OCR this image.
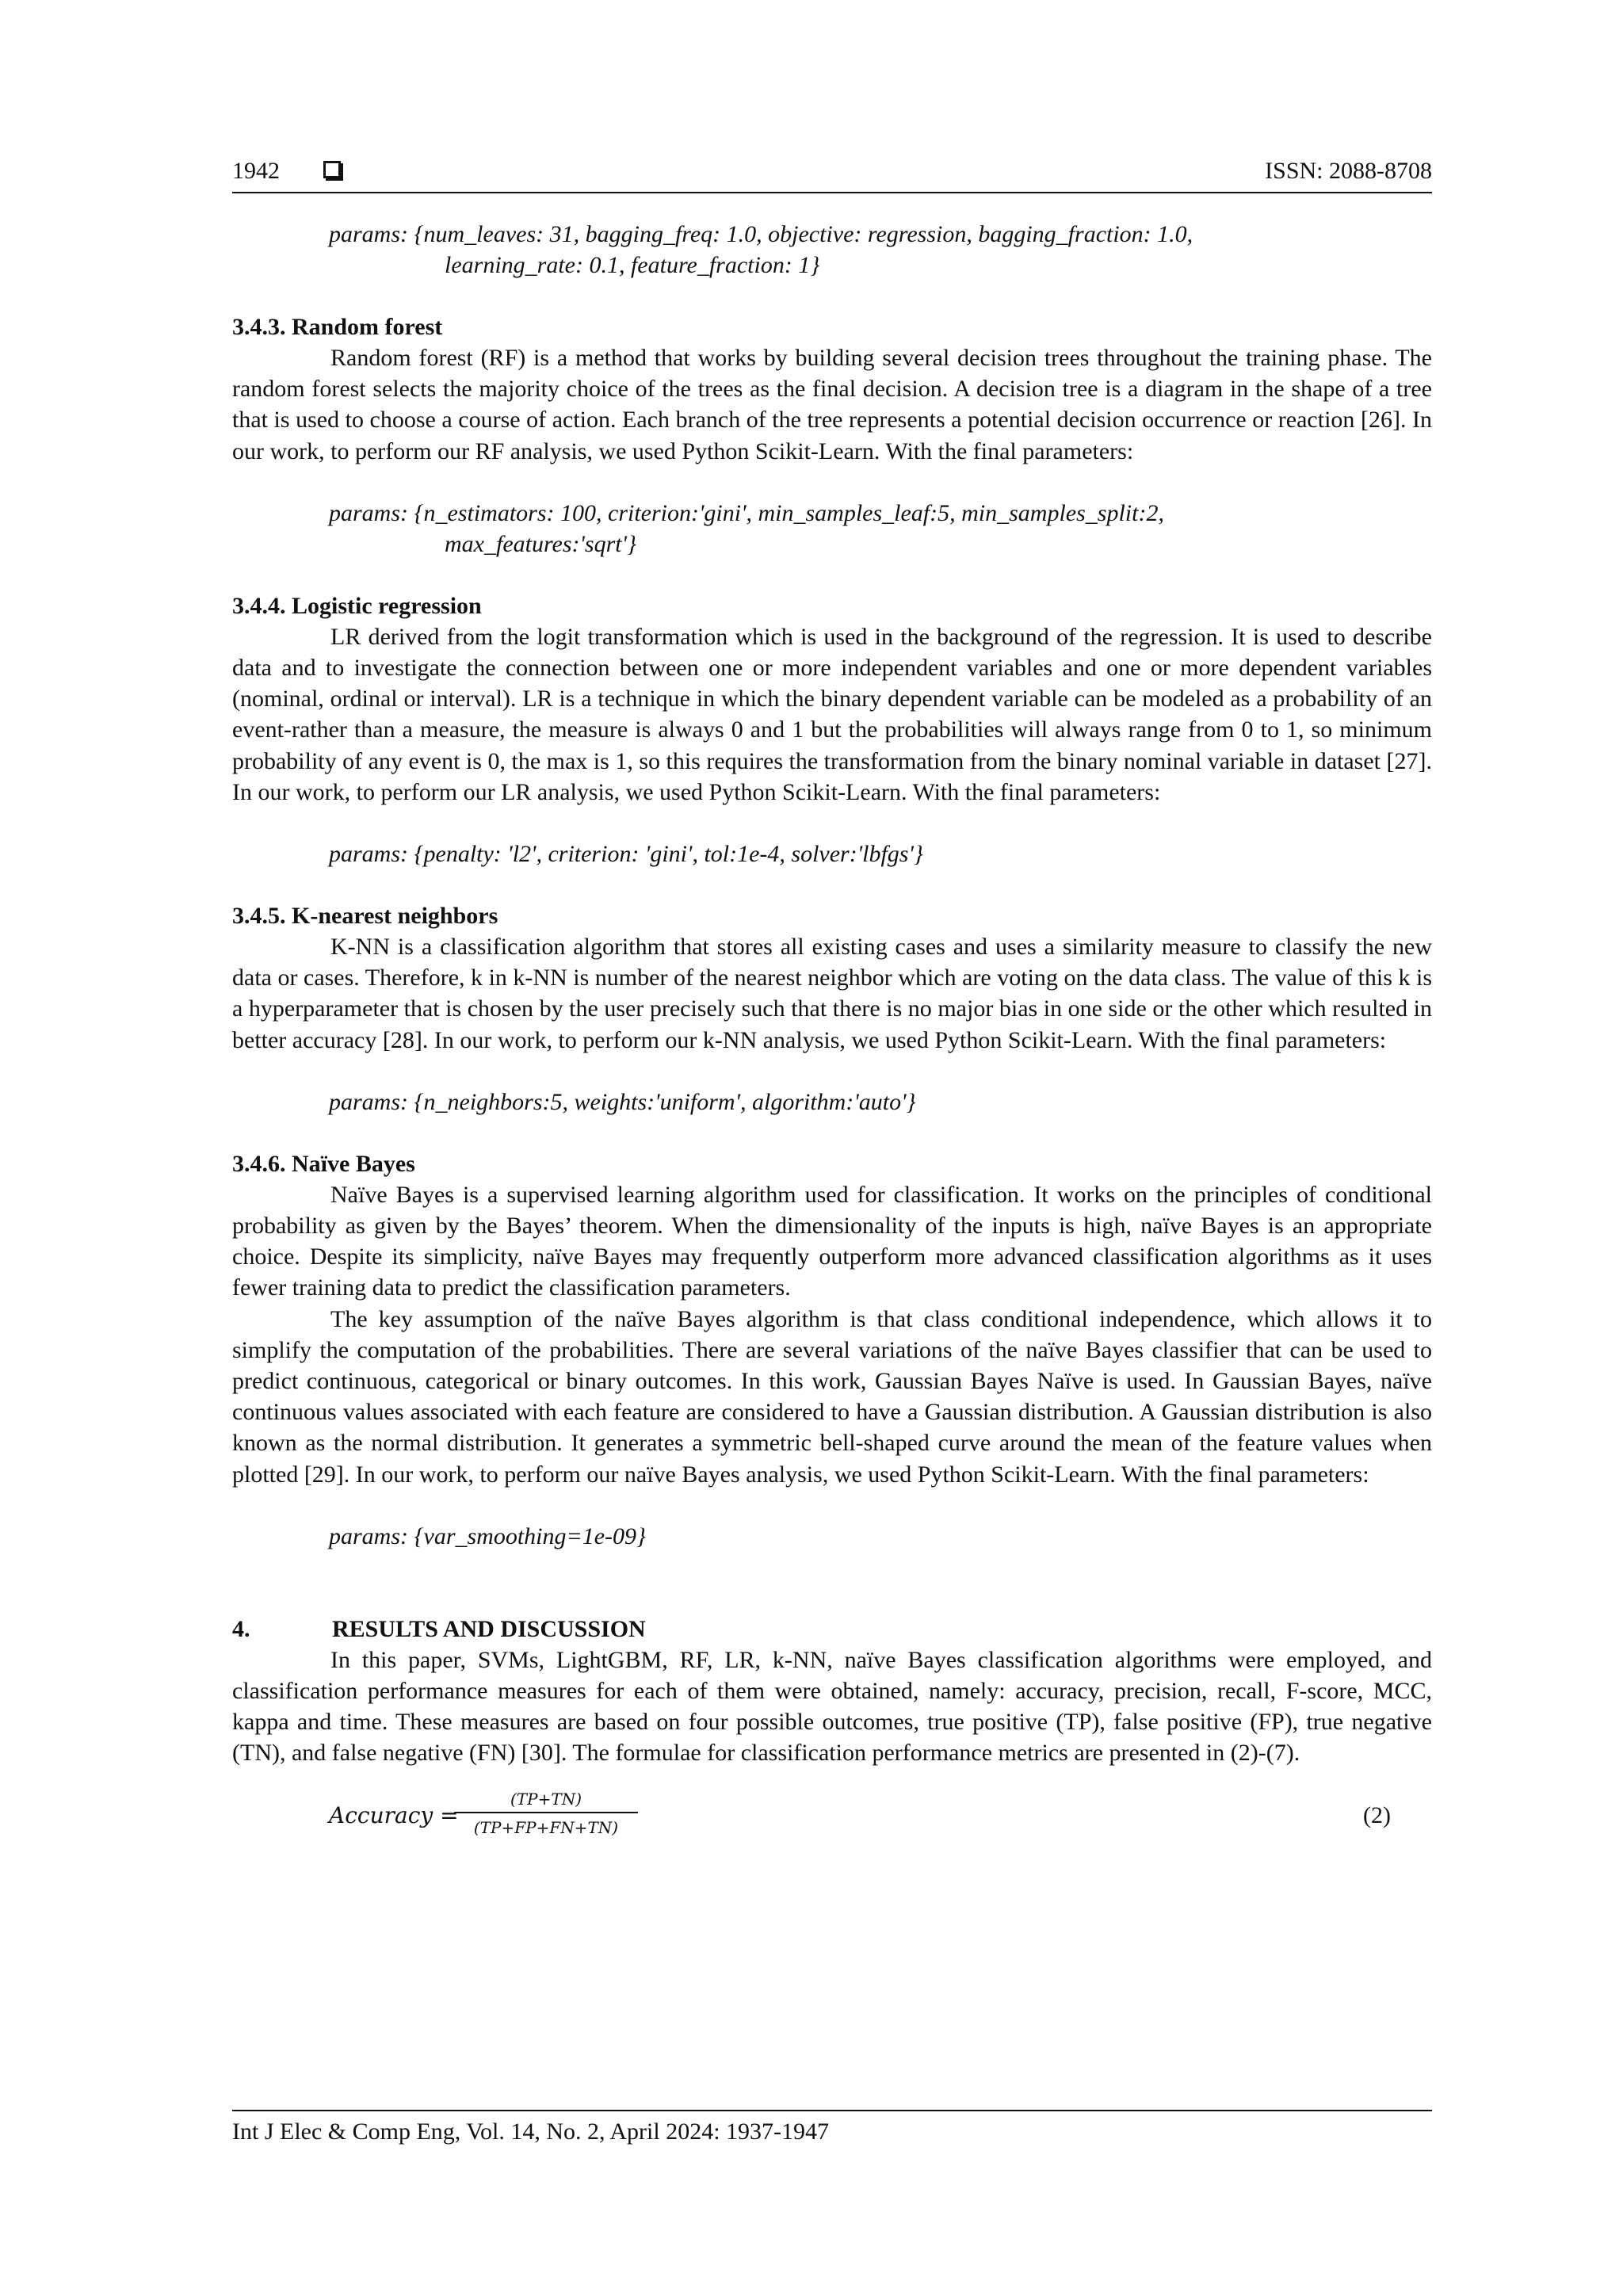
1942	ISSN: 2088-8708

params: {num_leaves: 31, bagging_freq: 1.0, objective: regression, bagging_fraction: 1.0,
learning_rate: 0.1, feature_fraction: 1}

3.4.3. Random forest

Random forest (RF) is a method that works by building several decision trees throughout the training phase. The random forest selects the majority choice of the trees as the final decision. A decision tree is a diagram in the shape of a tree that is used to choose a course of action. Each branch of the tree represents a potential decision occurrence or reaction [26]. In our work, to perform our RF analysis, we used Python Scikit-Learn. With the final parameters:

params: {n_estimators: 100, criterion:'gini', min_samples_leaf:5, min_samples_split:2,
max_features:'sqrt'}

3.4.4. Logistic regression

LR derived from the logit transformation which is used in the background of the regression. It is used to describe data and to investigate the connection between one or more independent variables and one or more dependent variables (nominal, ordinal or interval). LR is a technique in which the binary dependent variable can be modeled as a probability of an event-rather than a measure, the measure is always 0 and 1 but the probabilities will always range from 0 to 1, so minimum probability of any event is 0, the max is 1, so this requires the transformation from the binary nominal variable in dataset [27]. In our work, to perform our LR analysis, we used Python Scikit-Learn. With the final parameters:

params: {penalty: 'l2', criterion: 'gini', tol:1e-4, solver:'lbfgs'}

3.4.5. K-nearest neighbors

K-NN is a classification algorithm that stores all existing cases and uses a similarity measure to classify the new data or cases. Therefore, k in k-NN is number of the nearest neighbor which are voting on the data class. The value of this k is a hyperparameter that is chosen by the user precisely such that there is no major bias in one side or the other which resulted in better accuracy [28]. In our work, to perform our k-NN analysis, we used Python Scikit-Learn. With the final parameters:

params: {n_neighbors:5, weights:'uniform', algorithm:'auto'}

3.4.6. Naïve Bayes

Naïve Bayes is a supervised learning algorithm used for classification. It works on the principles of conditional probability as given by the Bayes’ theorem. When the dimensionality of the inputs is high, naïve Bayes is an appropriate choice. Despite its simplicity, naïve Bayes may frequently outperform more advanced classification algorithms as it uses fewer training data to predict the classification parameters.

The key assumption of the naïve Bayes algorithm is that class conditional independence, which allows it to simplify the computation of the probabilities. There are several variations of the naïve Bayes classifier that can be used to predict continuous, categorical or binary outcomes. In this work, Gaussian Bayes Naïve is used. In Gaussian Bayes, naïve continuous values associated with each feature are considered to have a Gaussian distribution. A Gaussian distribution is also known as the normal distribution. It generates a symmetric bell-shaped curve around the mean of the feature values when plotted [29]. In our work, to perform our naïve Bayes analysis, we used Python Scikit-Learn. With the final parameters:

params: {var_smoothing=1e-09}

4.	RESULTS AND DISCUSSION

In this paper, SVMs, LightGBM, RF, LR, k-NN, naïve Bayes classification algorithms were employed, and classification performance measures for each of them were obtained, namely: accuracy, precision, recall, F-score, MCC, kappa and time. These measures are based on four possible outcomes, true positive (TP), false positive (FP), true negative (TN), and false negative (FN) [30]. The formulae for classification performance metrics are presented in (2)-(7).

Accuracy =
(TP+TN)
(TP+FP+FN+TN)	(2)
Int J Elec & Comp Eng, Vol. 14, No. 2, April 2024: 1937-1947
